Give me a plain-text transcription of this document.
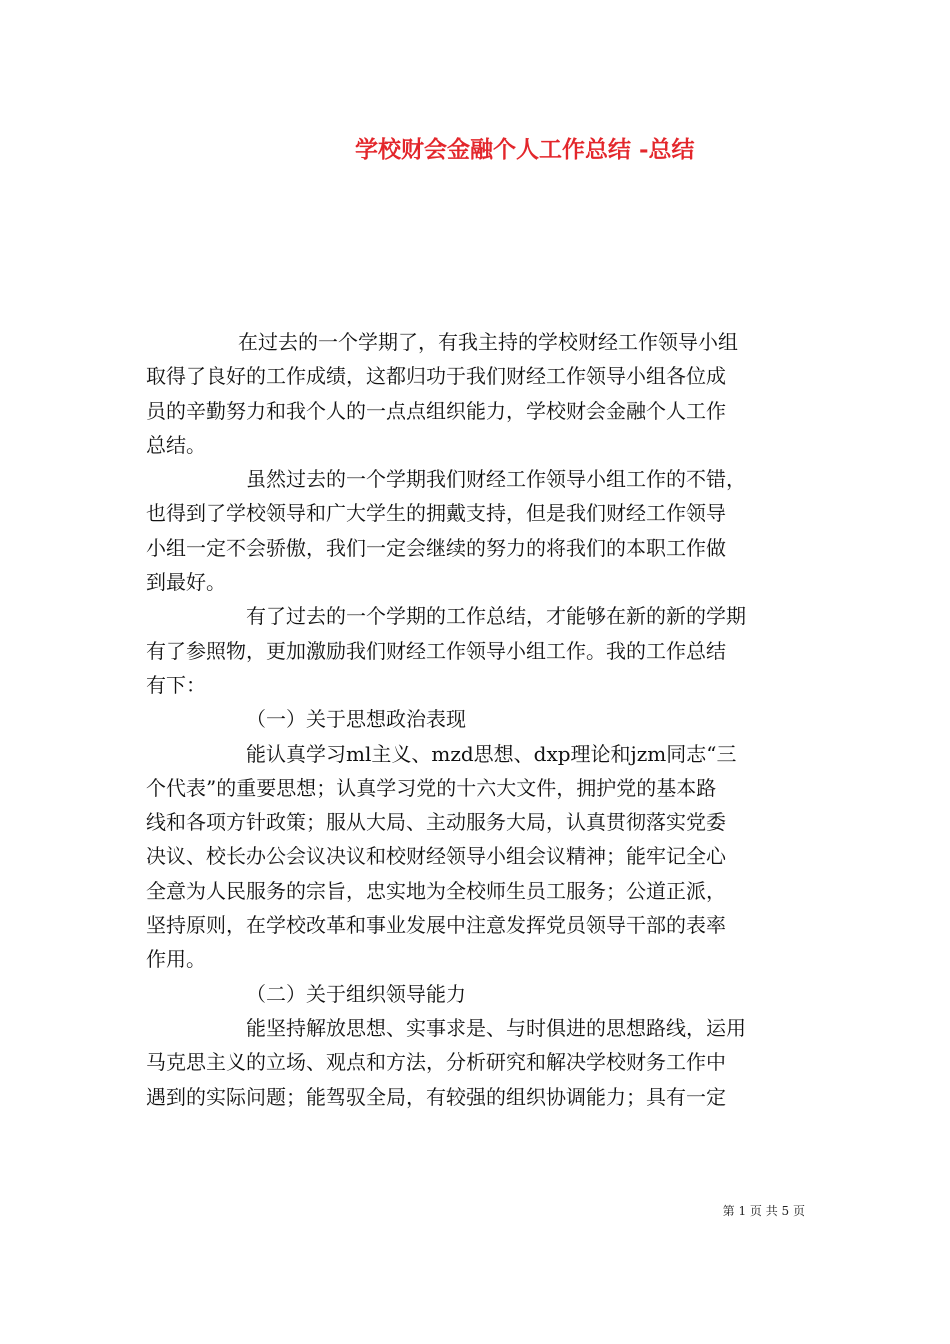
学校财会金融个人工作总结 -总结
在过去的一个学期了，有我主持的学校财经工作领导小组
取得了良好的工作成绩，这都归功于我们财经工作领导小组各位成
员的辛勤努力和我个人的一点点组织能力，学校财会金融个人工作
总结。
虽然过去的一个学期我们财经工作领导小组工作的不错，
也得到了学校领导和广大学生的拥戴支持，但是我们财经工作领导
小组一定不会骄傲，我们一定会继续的努力的将我们的本职工作做
到最好。
有了过去的一个学期的工作总结，才能够在新的新的学期
有了参照物，更加激励我们财经工作领导小组工作。我的工作总结
有下：
（一）关于思想政治表现
能认真学习ml主义、mzd思想、dxp理论和jzm同志“三
个代表”的重要思想；认真学习党的十六大文件，拥护党的基本路
线和各项方针政策；服从大局、主动服务大局，认真贯彻落实党委
决议、校长办公会议决议和校财经领导小组会议精神；能牢记全心
全意为人民服务的宗旨，忠实地为全校师生员工服务；公道正派，
坚持原则，在学校改革和事业发展中注意发挥党员领导干部的表率
作用。
（二）关于组织领导能力
能坚持解放思想、实事求是、与时俱进的思想路线，运用
马克思主义的立场、观点和方法，分析研究和解决学校财务工作中
遇到的实际问题；能驾驭全局，有较强的组织协调能力；具有一定
第 1 页 共 5 页
